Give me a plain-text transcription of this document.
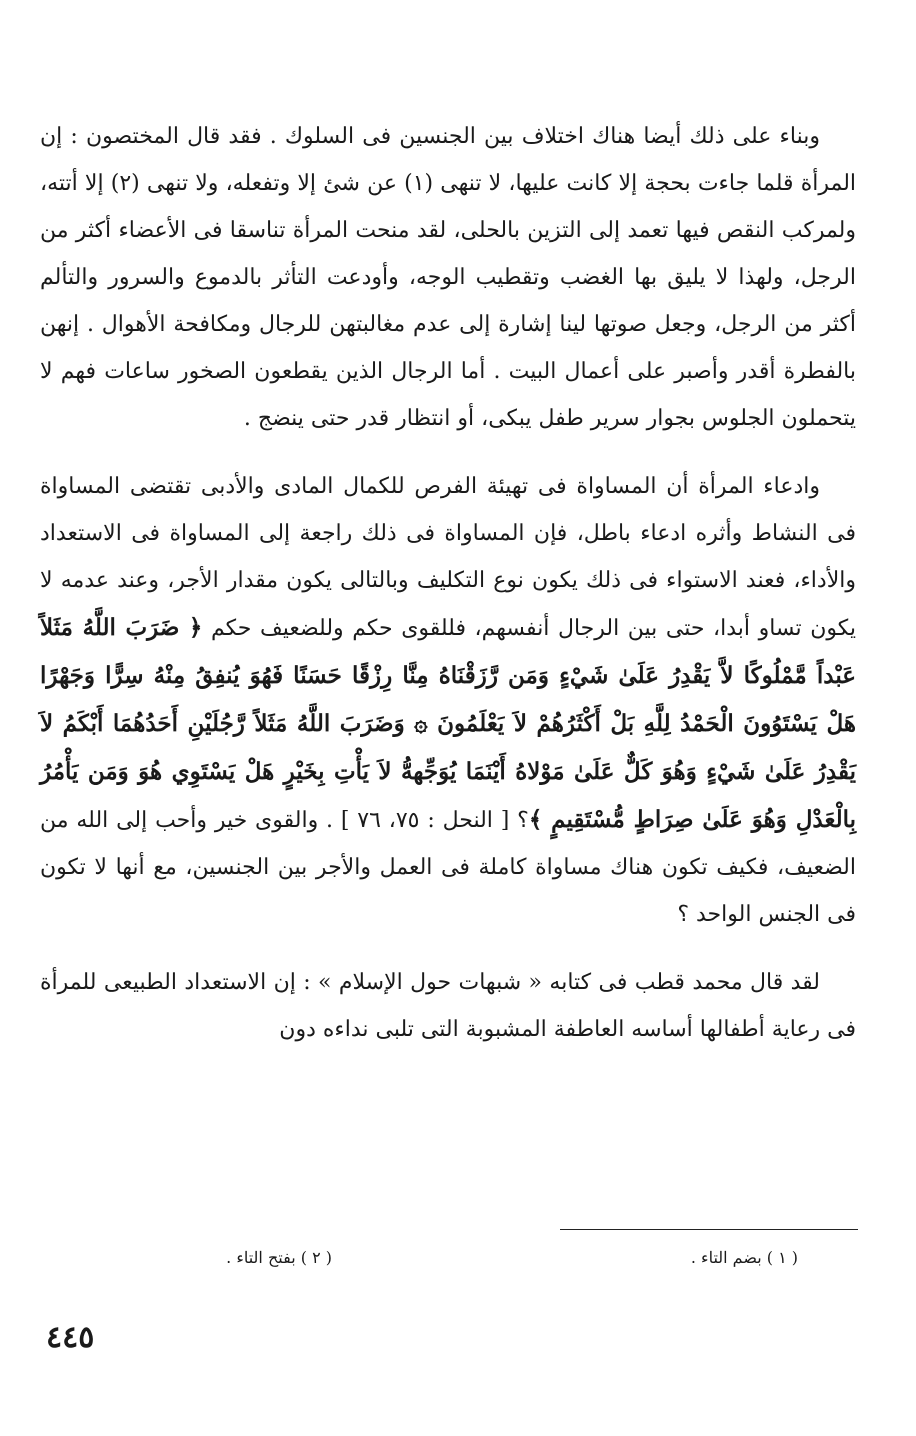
وبناء على ذلك أيضا هناك اختلاف بين الجنسين فى السلوك . فقد قال المختصون : إن المرأة قلما جاءت بحجة إلا كانت عليها، لا تنهى (١) عن شئ إلا وتفعله، ولا تنهى (٢) إلا أتته، ولمركب النقص فيها تعمد إلى التزين بالحلى، لقد منحت المرأة تناسقا فى الأعضاء أكثر من الرجل، ولهذا لا يليق بها الغضب وتقطيب الوجه، وأودعت التأثر بالدموع والسرور والتألم أكثر من الرجل، وجعل صوتها لينا إشارة إلى عدم مغالبتهن للرجال ومكافحة الأهوال . إنهن بالفطرة أقدر وأصبر على أعمال البيت . أما الرجال الذين يقطعون الصخور ساعات فهم لا يتحملون الجلوس بجوار سرير طفل يبكى، أو انتظار قدر حتى ينضج .

وادعاء المرأة أن المساواة فى تهيئة الفرص للكمال المادى والأدبى تقتضى المساواة فى النشاط وأثره ادعاء باطل، فإن المساواة فى ذلك راجعة إلى المساواة فى الاستعداد والأداء، فعند الاستواء فى ذلك يكون نوع التكليف وبالتالى يكون مقدار الأجر، وعند عدمه لا يكون تساو أبدا، حتى بين الرجال أنفسهم، فللقوى حكم وللضعيف حكم ﴿ ضَرَبَ اللَّهُ مَثَلاً عَبْداً مَّمْلُوكًا لاَّ يَقْدِرُ عَلَىٰ شَيْءٍ وَمَن رَّزَقْنَاهُ مِنَّا رِزْقًا حَسَنًا فَهُوَ يُنفِقُ مِنْهُ سِرًّا وَجَهْرًا هَلْ يَسْتَوُونَ الْحَمْدُ لِلَّهِ بَلْ أَكْثَرُهُمْ لاَ يَعْلَمُونَ ۞ وَضَرَبَ اللَّهُ مَثَلاً رَّجُلَيْنِ أَحَدُهُمَا أَبْكَمُ لاَ يَقْدِرُ عَلَىٰ شَيْءٍ وَهُوَ كَلٌّ عَلَىٰ مَوْلاهُ أَيْنَمَا يُوَجِّههُّ لاَ يَأْتِ بِخَيْرٍ هَلْ يَسْتَوِي هُوَ وَمَن يَأْمُرُ بِالْعَدْلِ وَهُوَ عَلَىٰ صِرَاطٍ مُّسْتَقِيمٍ ﴾؟ [ النحل : ٧٥، ٧٦ ] . والقوى خير وأحب إلى الله من الضعيف، فكيف تكون هناك مساواة كاملة فى العمل والأجر بين الجنسين، مع أنها لا تكون فى الجنس الواحد ؟

لقد قال محمد قطب فى كتابه « شبهات حول الإسلام » : إن الاستعداد الطبيعى للمرأة فى رعاية أطفالها أساسه العاطفة المشبوبة التى تلبى نداءه دون

( ١ ) بضم التاء .
( ٢ ) بفتح التاء .
٤٤٥
